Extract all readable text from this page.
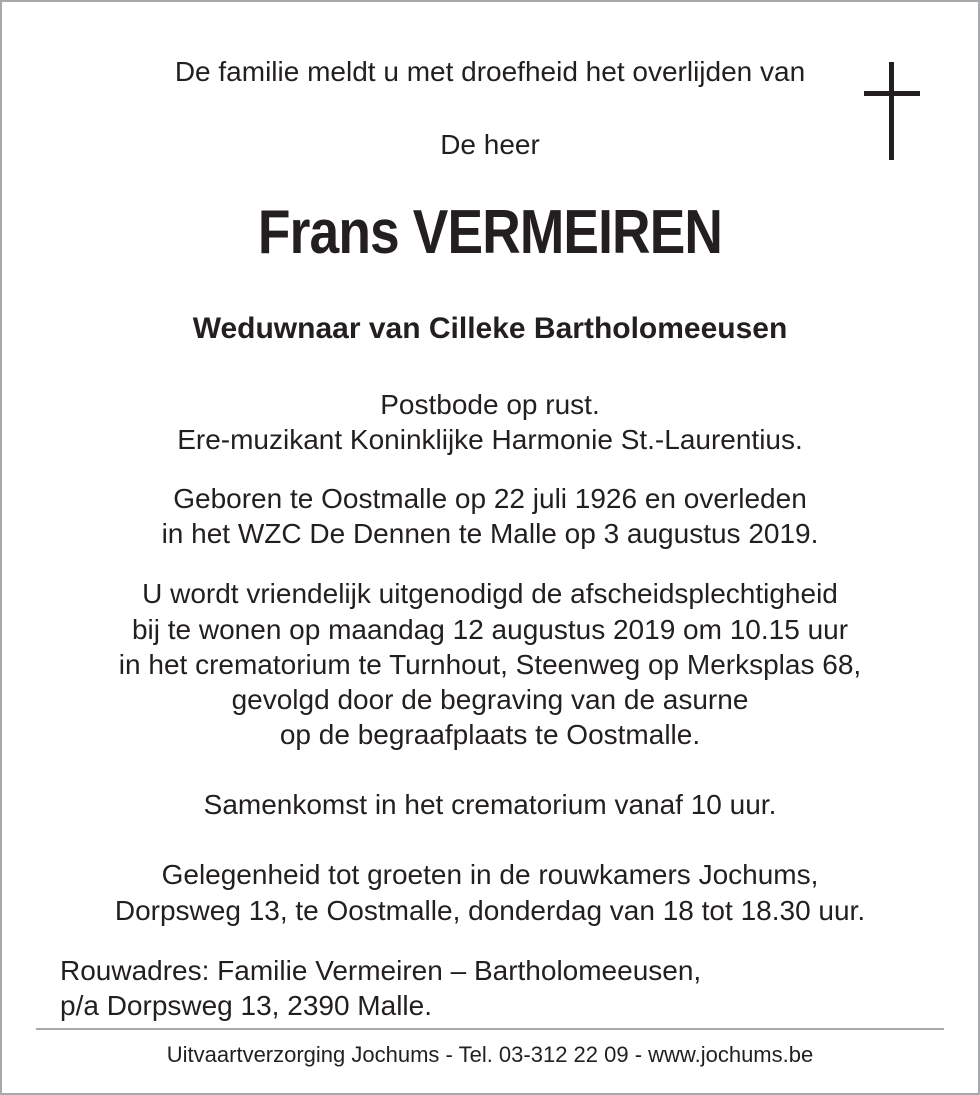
De familie meldt u met droefheid het overlijden van
De heer
Frans VERMEIREN
Weduwnaar van Cilleke Bartholomeeusen
Postbode op rust.
Ere-muzikant Koninklijke Harmonie St.-Laurentius.
Geboren te Oostmalle op 22 juli 1926 en overleden
in het WZC De Dennen te Malle op 3 augustus 2019.
U wordt vriendelijk uitgenodigd de afscheidsplechtigheid
bij te wonen op maandag 12 augustus 2019 om 10.15 uur
in het crematorium te Turnhout, Steenweg op Merksplas 68,
gevolgd door de begraving van de asurne
op de begraafplaats te Oostmalle.
Samenkomst in het crematorium vanaf 10 uur.
Gelegenheid tot groeten in de rouwkamers Jochums,
Dorpsweg 13, te Oostmalle, donderdag van 18 tot 18.30 uur.
Rouwadres: Familie Vermeiren – Bartholomeeusen,
p/a Dorpsweg 13, 2390 Malle.
Uitvaartverzorging Jochums - Tel. 03-312 22 09 - www.jochums.be
